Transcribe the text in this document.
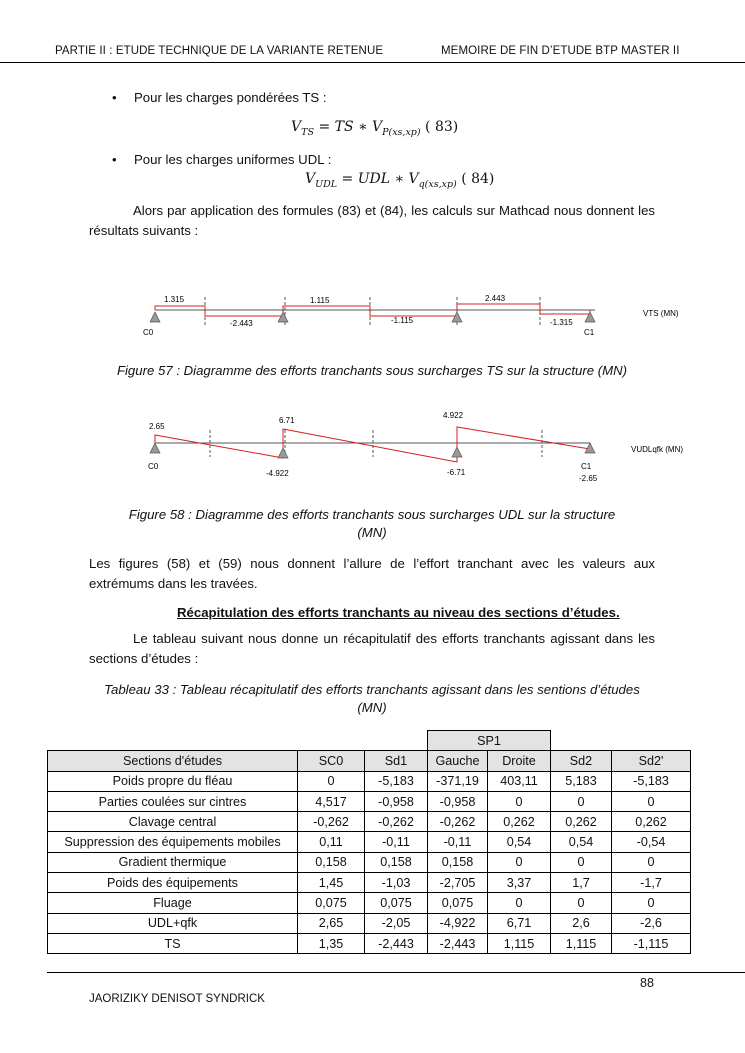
PARTIE II : ETUDE TECHNIQUE DE LA VARIANTE RETENUE	MEMOIRE DE FIN D’ETUDE BTP MASTER II
• Pour les charges pondérées TS :
$V_{TS}$ = TS ∗ $V_{P(xs,xp)}$ ( 83)
• Pour les charges uniformes UDL :
$V_{UDL}$ = UDL ∗ $V_{q(xs,xp)}$ ( 84)
Alors par application des formules (83) et (84), les calculs sur Mathcad nous donnent les résultats suivants :
1.315	1.115	2.443
-2.443	-1.115	-1.315
C0	C1
VTS (MN)
Figure 57 : Diagramme des efforts tranchants sous surcharges TS sur la structure (MN)
2.65
6.71
4.922
-4.922	-6.71
-2.65
C0	C1
VUDLqfk (MN)
Figure 58 : Diagramme des efforts tranchants sous surcharges UDL sur la structure
(MN)
Les figures (58) et (59) nous donnent l’allure de l’effort tranchant avec les valeurs aux extrémums dans les travées.
Récapitulation des efforts tranchants au niveau des sections d’études.
Le tableau suivant nous donne un récapitulatif des efforts tranchants agissant dans les sections d’études :
Tableau 33 : Tableau récapitulatif des efforts tranchants agissant dans les sentions d’études
(MN)
			SP1			
Sections d'études	SC0	Sd1	Gauche	Droite	Sd2	Sd2'
Poids propre du fléau	0	-5,183	-371,19	403,11	5,183	-5,183
Parties coulées sur cintres	4,517	-0,958	-0,958	0	0	0
Clavage central	-0,262	-0,262	-0,262	0,262	0,262	0,262
Suppression des équipements mobiles	0,11	-0,11	-0,11	0,54	0,54	-0,54
Gradient thermique	0,158	0,158	0,158	0	0	0
Poids des équipements	1,45	-1,03	-2,705	3,37	1,7	-1,7
Fluage	0,075	0,075	0,075	0	0	0
UDL+qfk	2,65	-2,05	-4,922	6,71	2,6	-2,6
TS	1,35	-2,443	-2,443	1,115	1,115	-1,115
88
JAORIZIKY DENISOT SYNDRICK
